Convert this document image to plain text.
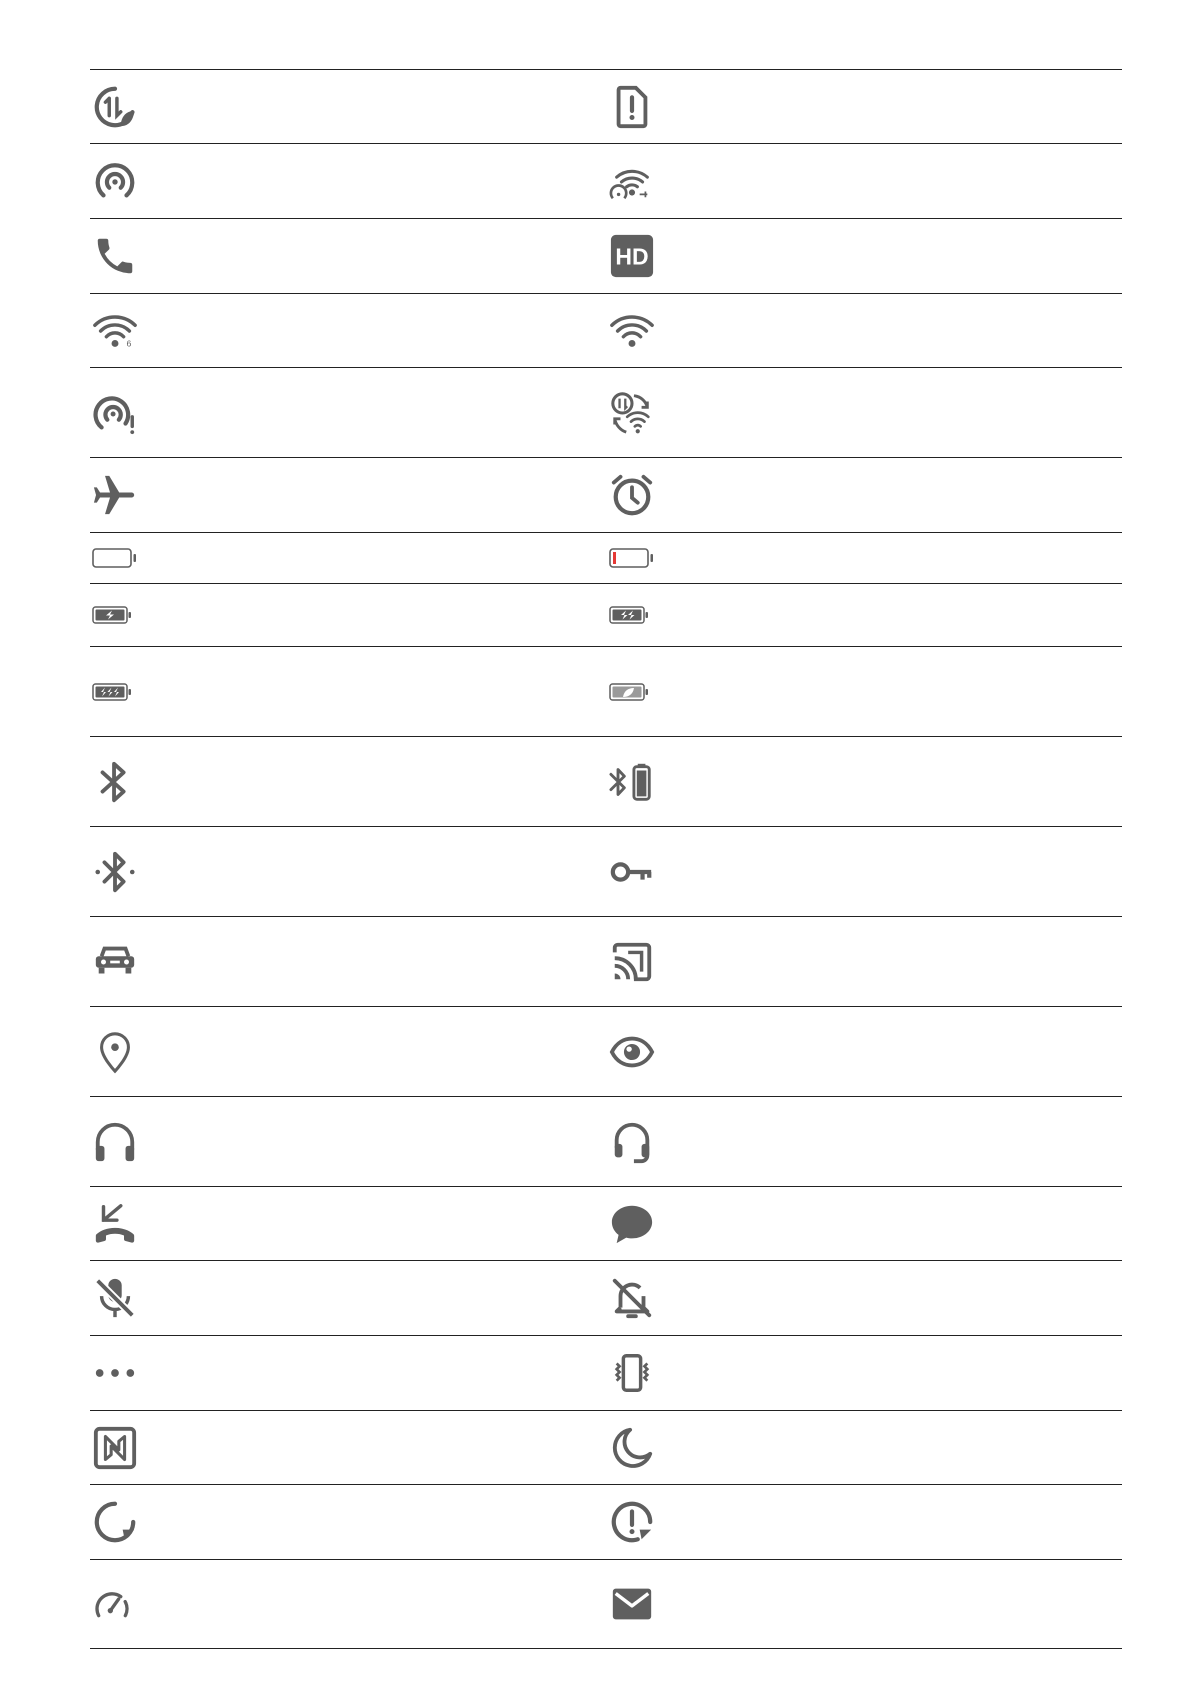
HD
6
